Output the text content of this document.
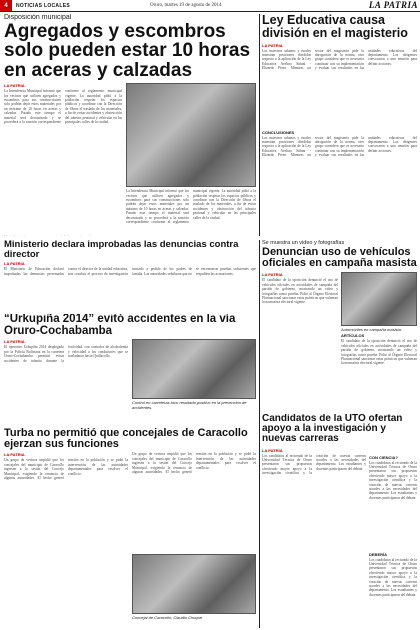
4	NOTICIAS LOCALES	Oruro, martes 19 de agosto de 2014	LA PATRIA
Disposición municipal
Agregados y escombros solo pueden estar 10 horas en aceras y calzadas
LA PATRIA
La Intendencia Municipal informó que los vecinos que utilicen agregados y escombros para sus construcciones solo podrán dejar estos materiales por un máximo de 10 horas en aceras y calzadas. Pasado este tiempo el material será decomisado y se procederá a la sanción correspondiente conforme al reglamento municipal vigente. La autoridad pidió a la población respetar los espacios públicos y coordinar con la Dirección de Obras el traslado de los materiales, a fin de evitar accidentes y obstrucción del tránsito peatonal y vehicular en las principales calles de la ciudad.
La Intendencia Municipal informó que los vecinos que utilicen agregados y escombros para sus construcciones solo podrán dejar estos materiales por un máximo de 10 horas en aceras y calzadas. Pasado este tiempo el material será decomisado y se procederá a la sanción correspondiente conforme al reglamento municipal vigente. La autoridad pidió a la población respetar los espacios públicos y coordinar con la Dirección de Obras el traslado de los materiales, a fin de evitar accidentes y obstrucción del tránsito peatonal y vehicular en las principales calles de la ciudad.
Ley Educativa causa división en el magisterio
LA PATRIA
Los maestros urbanos y rurales muestran posiciones divididas respecto a la aplicación de la Ley Educativa Avelino Siñani - Elizardo Pérez. Mientras un sector del magisterio pide la abrogación de la norma, otro grupo considera que es necesario continuar con su implementación y evaluar sus resultados en las unidades educativas del departamento. Los dirigentes convocaron a una reunión para definir acciones.
CONCLUSIONES
Los maestros urbanos y rurales muestran posiciones divididas respecto a la aplicación de la Ley Educativa Avelino Siñani - Elizardo Pérez. Mientras un sector del magisterio pide la abrogación de la norma, otro grupo considera que es necesario continuar con su implementación y evaluar sus resultados en las unidades educativas del departamento. Los dirigentes convocaron a una reunión para definir acciones.
Ministerio declara improbadas las denuncias contra director
LA PATRIA
El Ministerio de Educación declaró improbadas las denuncias presentadas contra el director de la unidad educativa, tras concluir el proceso de investigación iniciado a pedido de los padres de familia. Las autoridades señalaron que no se encontraron pruebas suficientes que respalden las acusaciones.
“Urkupiña 2014” evitó accidentes en la vía Oruro-Cochabamba
LA PATRIA
El operativo Urkupiña 2014 desplegado por la Policía Boliviana en la carretera Oruro-Cochabamba permitió evitar accidentes de tránsito durante la festividad, con controles de alcoholemia y velocidad a los conductores que se trasladaron hacia Quillacollo.
Control en carreteras tuvo resultado positivo en la prevención de accidentes.
Turba no permitió que concejales de Caracollo ejerzan sus funciones
LA PATRIA
Un grupo de vecinos impidió que los concejales del municipio de Caracollo ingresen a la sesión del Concejo Municipal, exigiendo la renuncia de algunas autoridades. El hecho generó tensión en la población y se pidió la intervención de las autoridades departamentales para resolver el conflicto.
Un grupo de vecinos impidió que los concejales del municipio de Caracollo ingresen a la sesión del Concejo Municipal, exigiendo la renuncia de algunas autoridades. El hecho generó tensión en la población y se pidió la intervención de las autoridades departamentales para resolver el conflicto.
Concejal de Caracollo, Claudio Choque.
Se muestra un video y fotografías
Denuncian uso de vehículos oficiales en campaña masista
LA PATRIA
El candidato de la oposición denunció el uso de vehículos oficiales en actividades de campaña del partido de gobierno, mostrando un video y fotografías como prueba. Pidió al Órgano Electoral Plurinacional sancionar estas prácticas que vulneran la normativa electoral vigente.
Automóviles en campaña masista.
ARTÍCULOS
El candidato de la oposición denunció el uso de vehículos oficiales en actividades de campaña del partido de gobierno, mostrando un video y fotografías como prueba. Pidió al Órgano Electoral Plurinacional sancionar estas prácticas que vulneran la normativa electoral vigente.
Candidatos de la UTO ofertan apoyo a la investigación y nuevas carreras
LA PATRIA
Los candidatos al rectorado de la Universidad Técnica de Oruro presentaron sus propuestas ofreciendo mayor apoyo a la investigación científica y la creación de nuevas carreras acordes a las necesidades del departamento. Los estudiantes y docentes participaron del debate.
CON CIENCIA?
Los candidatos al rectorado de la Universidad Técnica de Oruro presentaron sus propuestas ofreciendo mayor apoyo a la investigación científica y la creación de nuevas carreras acordes a las necesidades del departamento. Los estudiantes y docentes participaron del debate.
DEBERÍA
Los candidatos al rectorado de la Universidad Técnica de Oruro presentaron sus propuestas ofreciendo mayor apoyo a la investigación científica y la creación de nuevas carreras acordes a las necesidades del departamento. Los estudiantes y docentes participaron del debate.
